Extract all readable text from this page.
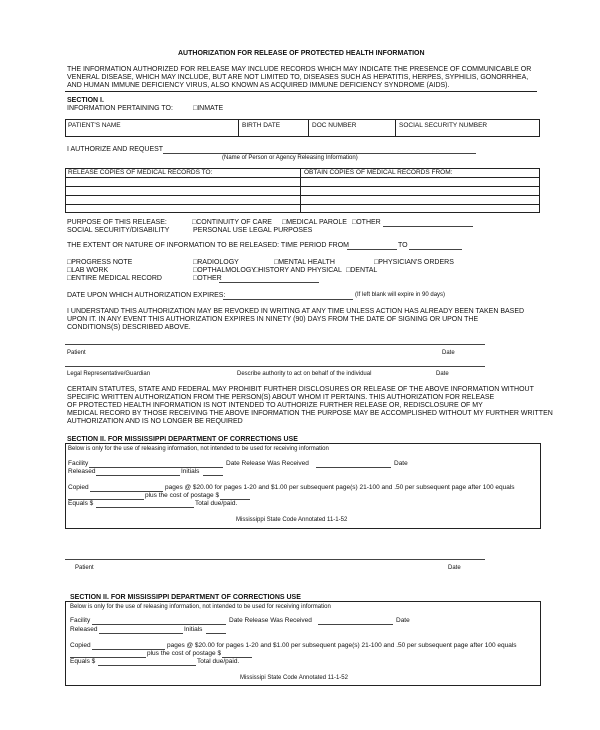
AUTHORIZATION FOR RELEASE OF PROTECTED HEALTH INFORMATION
THE INFORMATION AUTHORIZED FOR RELEASE MAY INCLUDE RECORDS WHICH MAY INDICATE THE PRESENCE OF COMMUNICABLE OR
VENERAL DISEASE, WHICH MAY INCLUDE, BUT ARE NOT LIMITED TO, DISEASES SUCH AS HEPATITIS, HERPES, SYPHILIS, GONORRHEA,
AND HUMAN IMMUNE DEFICIENCY VIRUS, ALSO KNOWN AS ACQUIRED IMMUNE DEFICIENCY SYNDROME (AIDS).
SECTION I.
INFORMATION PERTAINING TO:	□INMATE
PATIENT'S NAME	BIRTH DATE	DOC NUMBER	SOCIAL SECURITY NUMBER
I AUTHORIZE AND REQUEST
(Name of Person or Agency Releasing Information)
RELEASE COPIES OF MEDICAL RECORDS TO:	OBTAIN COPIES OF MEDICAL RECORDS FROM:
PURPOSE OF THIS RELEASE:
SOCIAL SECURITY/DISABILITY
□CONTINUITY OF CARE □MEDICAL PAROLE □OTHER
PERSONAL USE LEGAL PURPOSES
THE EXTENT OR NATURE OF INFORMATION TO BE RELEASED: TIME PERIOD FROM	TO
□PROGRESS NOTE
□LAB WORK
□ENTIRE MEDICAL RECORD
□RADIOLOGY
□OPTHALMOLOGY
□OTHER
□MENTAL HEALTH
□HISTORY AND PHYSICAL
□PHYSICIAN'S ORDERS
□DENTAL
DATE UPON WHICH AUTHORIZATION EXPIRES:	(If left blank will expire in 90 days)
I UNDERSTAND THIS AUTHORIZATION MAY BE REVOKED IN WRITING AT ANY TIME UNLESS ACTION HAS ALREADY BEEN TAKEN BASED
UPON IT. IN ANY EVENT THIS AUTHORIZATION EXPIRES IN NINETY (90) DAYS FROM THE DATE OF SIGNING OR UPON THE
CONDITIONS(S) DESCRIBED ABOVE.
Patient	Date
Legal Representative/Guardian	Describe authority to act on behalf of the individual	Date
CERTAIN STATUTES, STATE AND FEDERAL MAY PROHIBIT FURTHER DISCLOSURES OR RELEASE OF THE ABOVE INFORMATION WITHOUT
SPECIFIC WRITTEN AUTHORIZATION FROM THE PERSON(S) ABOUT WHOM IT PERTAINS. THIS AUTHORIZATION FOR RELEASE
OF PROTECTED HEALTH INFORMATION IS NOT INTENDED TO AUTHORIZE FURTHER RELEASE OR, REDISCLOSURE OF MY
MEDICAL RECORD BY THOSE RECEIVING THE ABOVE INFORMATION THE PURPOSE MAY BE ACCOMPLISHED WITHOUT MY FURTHER WRITTEN
AUTHORIZATION AND IS NO LONGER BE REQUIRED
SECTION II. FOR MISSISSIPPI DEPARTMENT OF CORRECTIONS USE
Below is only for the use of releasing information, not intended to be used for receiving information
Facility	Date Release Was Received	Date
Released	Initials
Copied	pages @ $20.00 for pages 1-20 and $1.00 per subsequent page(s) 21-100 and .50 per subsequent page after 100 equals
plus the cost of postage $
Equals $	Total due/paid.
Mississippi State Code Annotated 11-1-52
Patient	Date
SECTION II. FOR MISSISSIPPI DEPARTMENT OF CORRECTIONS USE
Below is only for the use of releasing information, not intended to be used for receiving information
Facility	Date Release Was Received	Date
Released	Initials
Copied	pages @ $20.00 for pages 1-20 and $1.00 per subsequent page(s) 21-100 and .50 per subsequent page after 100 equals
plus the cost of postage $
Equals $	Total due/paid.
Mississipi State Code Annotated 11-1-52
